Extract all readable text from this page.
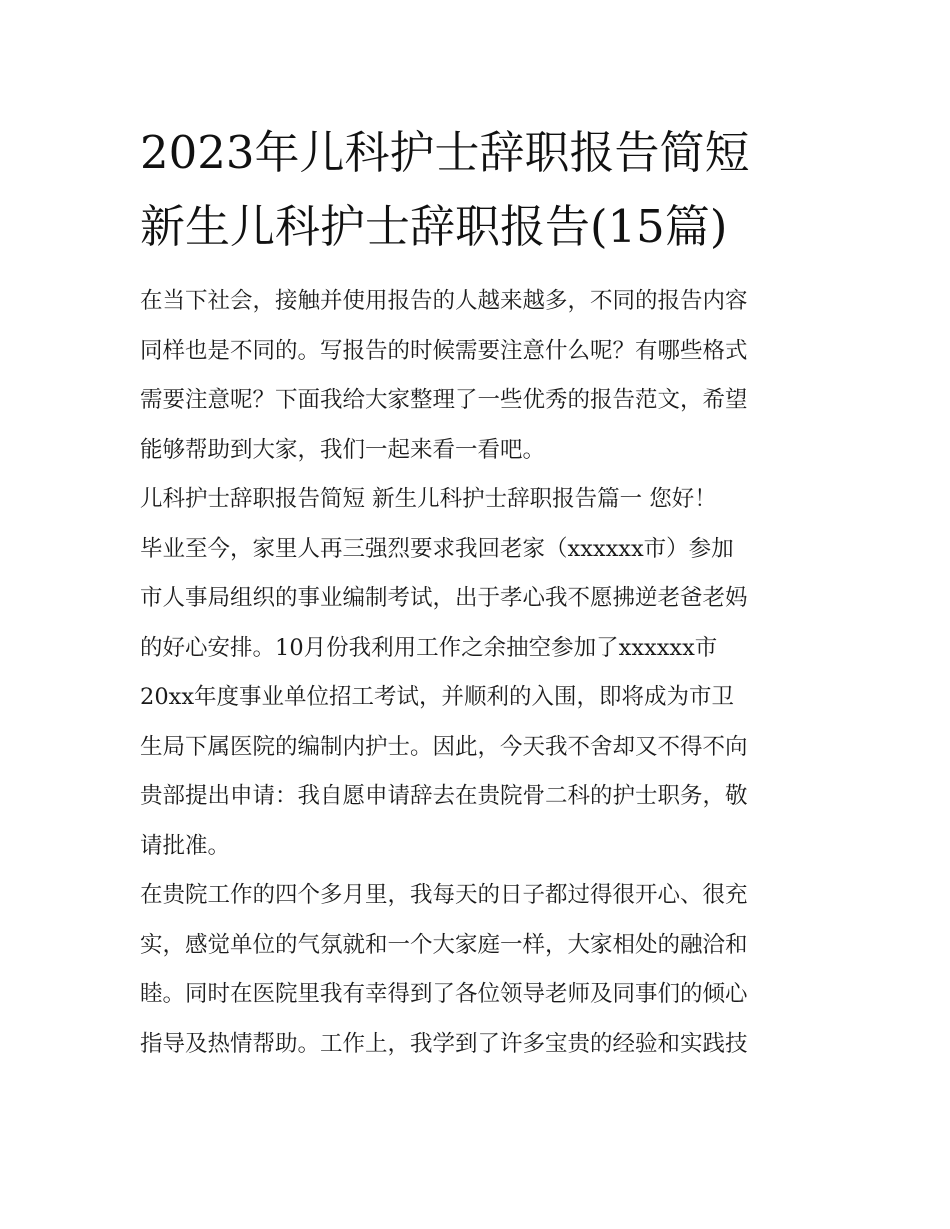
2023年儿科护士辞职报告简短
新生儿科护士辞职报告(15篇)

在当下社会，接触并使用报告的人越来越多，不同的报告内容
同样也是不同的。写报告的时候需要注意什么呢？有哪些格式
需要注意呢？下面我给大家整理了一些优秀的报告范文，希望
能够帮助到大家，我们一起来看一看吧。

儿科护士辞职报告简短 新生儿科护士辞职报告篇一 您好！

毕业至今，家里人再三强烈要求我回老家（xxxxxx市）参加
市人事局组织的事业编制考试，出于孝心我不愿拂逆老爸老妈
的好心安排。10月份我利用工作之余抽空参加了xxxxxx市
20xx年度事业单位招工考试，并顺利的入围，即将成为市卫
生局下属医院的编制内护士。因此，今天我不舍却又不得不向
贵部提出申请：我自愿申请辞去在贵院骨二科的护士职务，敬
请批准。

在贵院工作的四个多月里，我每天的日子都过得很开心、很充
实，感觉单位的气氛就和一个大家庭一样，大家相处的融洽和
睦。同时在医院里我有幸得到了各位领导老师及同事们的倾心
指导及热情帮助。工作上，我学到了许多宝贵的经验和实践技
